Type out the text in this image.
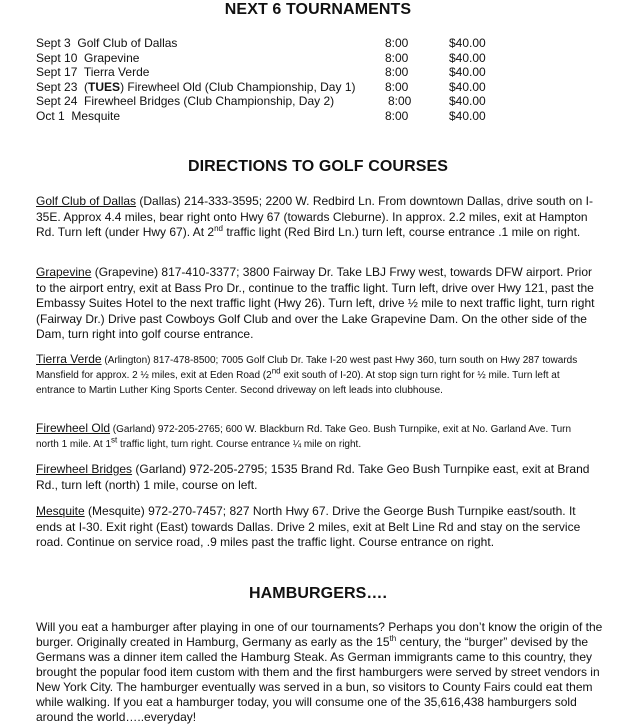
NEXT 6 TOURNAMENTS
Sept 3 Golf Club of Dallas	8:00	$40.00
Sept 10 Grapevine	8:00	$40.00
Sept 17 Tierra Verde	8:00	$40.00
Sept 23 (TUES) Firewheel Old (Club Championship, Day 1)	8:00	$40.00
Sept 24 Firewheel Bridges (Club Championship, Day 2)	8:00	$40.00
Oct 1 Mesquite	8:00	$40.00
DIRECTIONS TO GOLF COURSES

Golf Club of Dallas (Dallas) 214-333-3595; 2200 W. Redbird Ln. From downtown Dallas, drive south on I-35E. Approx 4.4 miles, bear right onto Hwy 67 (towards Cleburne). In approx. 2.2 miles, exit at Hampton Rd. Turn left (under Hwy 67). At 2nd traffic light (Red Bird Ln.) turn left, course entrance .1 mile on right.

Grapevine (Grapevine) 817-410-3377; 3800 Fairway Dr. Take LBJ Frwy west, towards DFW airport. Prior to the airport entry, exit at Bass Pro Dr., continue to the traffic light. Turn left, drive over Hwy 121, past the Embassy Suites Hotel to the next traffic light (Hwy 26). Turn left, drive ½ mile to next traffic light, turn right (Fairway Dr.) Drive past Cowboys Golf Club and over the Lake Grapevine Dam. On the other side of the Dam, turn right into golf course entrance.

Tierra Verde (Arlington) 817-478-8500; 7005 Golf Club Dr. Take I-20 west past Hwy 360, turn south on Hwy 287 towards Mansfield for approx. 2 ½ miles, exit at Eden Road (2nd exit south of I-20). At stop sign turn right for ½ mile. Turn left at entrance to Martin Luther King Sports Center. Second driveway on left leads into clubhouse.

Firewheel Old (Garland) 972-205-2765; 600 W. Blackburn Rd. Take Geo. Bush Turnpike, exit at No. Garland Ave. Turn north 1 mile. At 1st traffic light, turn right. Course entrance ¼ mile on right.

Firewheel Bridges (Garland) 972-205-2795; 1535 Brand Rd. Take Geo Bush Turnpike east, exit at Brand Rd., turn left (north) 1 mile, course on left.

Mesquite (Mesquite) 972-270-7457; 827 North Hwy 67. Drive the George Bush Turnpike east/south. It ends at I-30. Exit right (East) towards Dallas. Drive 2 miles, exit at Belt Line Rd and stay on the service road. Continue on service road, .9 miles past the traffic light. Course entrance on right.

HAMBURGERS….

Will you eat a hamburger after playing in one of our tournaments? Perhaps you don’t know the origin of the burger. Originally created in Hamburg, Germany as early as the 15th century, the “burger” devised by the Germans was a dinner item called the Hamburg Steak. As German immigrants came to this country, they brought the popular food item custom with them and the first hamburgers were served by street vendors in New York City. The hamburger eventually was served in a bun, so visitors to County Fairs could eat them while walking. If you eat a hamburger today, you will consume one of the 35,616,438 hamburgers sold around the world…..everyday!
